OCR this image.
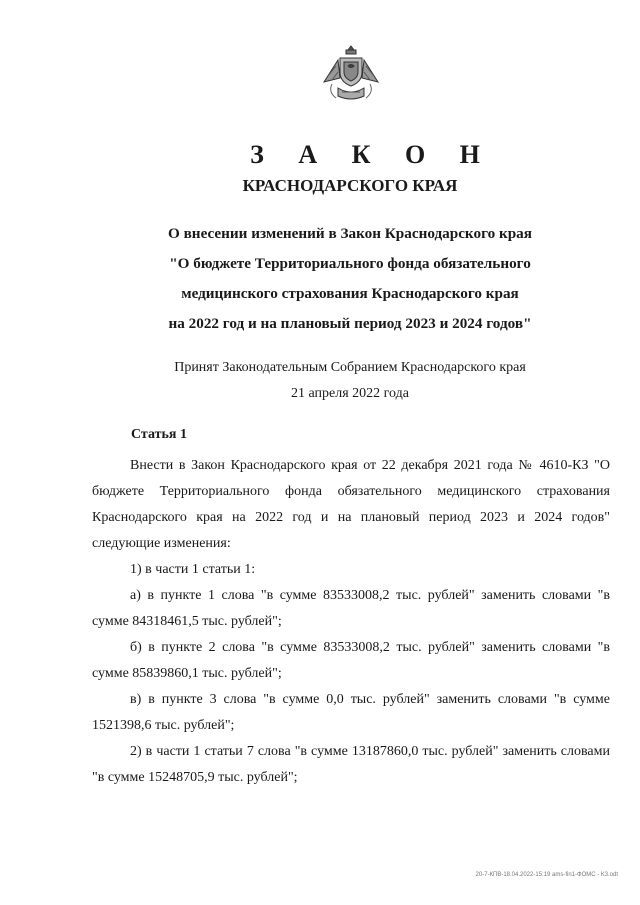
З А К О Н
КРАСНОДАРСКОГО КРАЯ
О внесении изменений в Закон Краснодарского края
"О бюджете Территориального фонда обязательного
медицинского страхования Краснодарского края
на 2022 год и на плановый период 2023 и 2024 годов"
Принят Законодательным Собранием Краснодарского края
21 апреля 2022 года
Статья 1

Внести в Закон Краснодарского края от 22 декабря 2021 года № 4610-КЗ "О бюджете Территориального фонда обязательного медицинского страхования Краснодарского края на 2022 год и на плановый период 2023 и 2024 годов" следующие изменения:

1) в части 1 статьи 1:

а) в пункте 1 слова "в сумме 83533008,2 тыс. рублей" заменить словами "в сумме 84318461,5 тыс. рублей";

б) в пункте 2 слова "в сумме 83533008,2 тыс. рублей" заменить словами "в сумме 85839860,1 тыс. рублей";

в) в пункте 3 слова "в сумме 0,0 тыс. рублей" заменить словами "в сумме 1521398,6 тыс. рублей";

2) в части 1 статьи 7 слова "в сумме 13187860,0 тыс. рублей" заменить словами "в сумме 15248705,9 тыс. рублей";

20-7-КПВ-18.04.2022-15:19 ams-fin1-ФОМС - КЗ.odt
